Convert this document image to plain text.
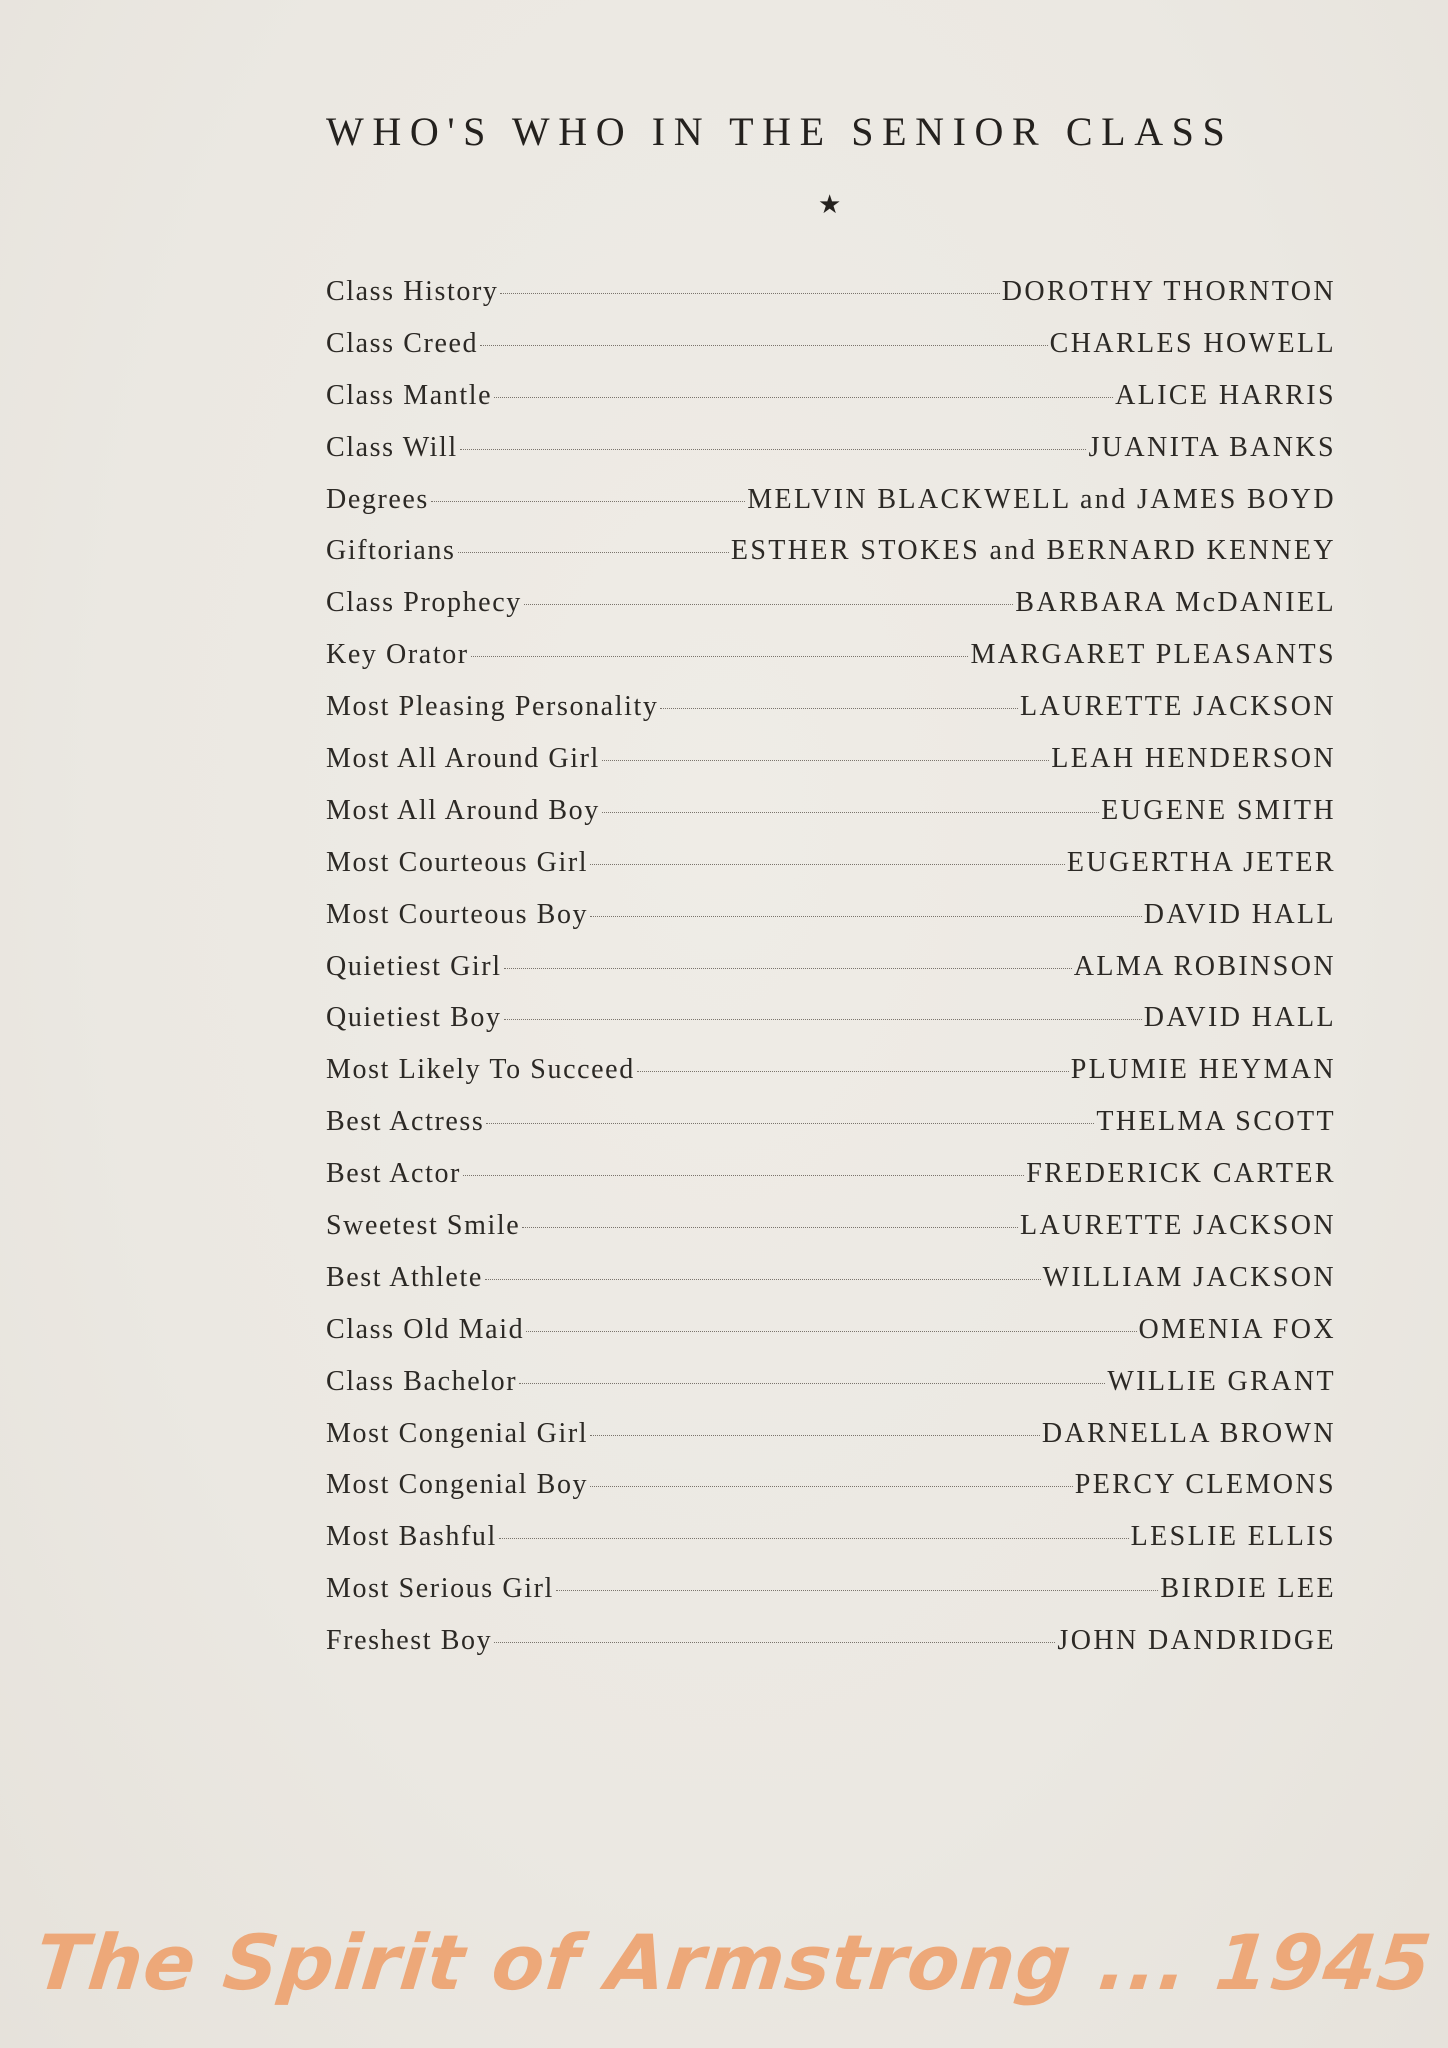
WHO'S WHO IN THE SENIOR CLASS
★
Class History	DOROTHY THORNTON
Class Creed	CHARLES HOWELL
Class Mantle	ALICE HARRIS
Class Will	JUANITA BANKS
Degrees	MELVIN BLACKWELL and JAMES BOYD
Giftorians	ESTHER STOKES and BERNARD KENNEY
Class Prophecy	BARBARA McDANIEL
Key Orator	MARGARET PLEASANTS
Most Pleasing Personality	LAURETTE JACKSON
Most All Around Girl	LEAH HENDERSON
Most All Around Boy	EUGENE SMITH
Most Courteous Girl	EUGERTHA JETER
Most Courteous Boy	DAVID HALL
Quietiest Girl	ALMA ROBINSON
Quietiest Boy	DAVID HALL
Most Likely To Succeed	PLUMIE HEYMAN
Best Actress	THELMA SCOTT
Best Actor	FREDERICK CARTER
Sweetest Smile	LAURETTE JACKSON
Best Athlete	WILLIAM JACKSON
Class Old Maid	OMENIA FOX
Class Bachelor	WILLIE GRANT
Most Congenial Girl	DARNELLA BROWN
Most Congenial Boy	PERCY CLEMONS
Most Bashful	LESLIE ELLIS
Most Serious Girl	BIRDIE LEE
Freshest Boy	JOHN DANDRIDGE
The Spirit of Armstrong ... 1945
